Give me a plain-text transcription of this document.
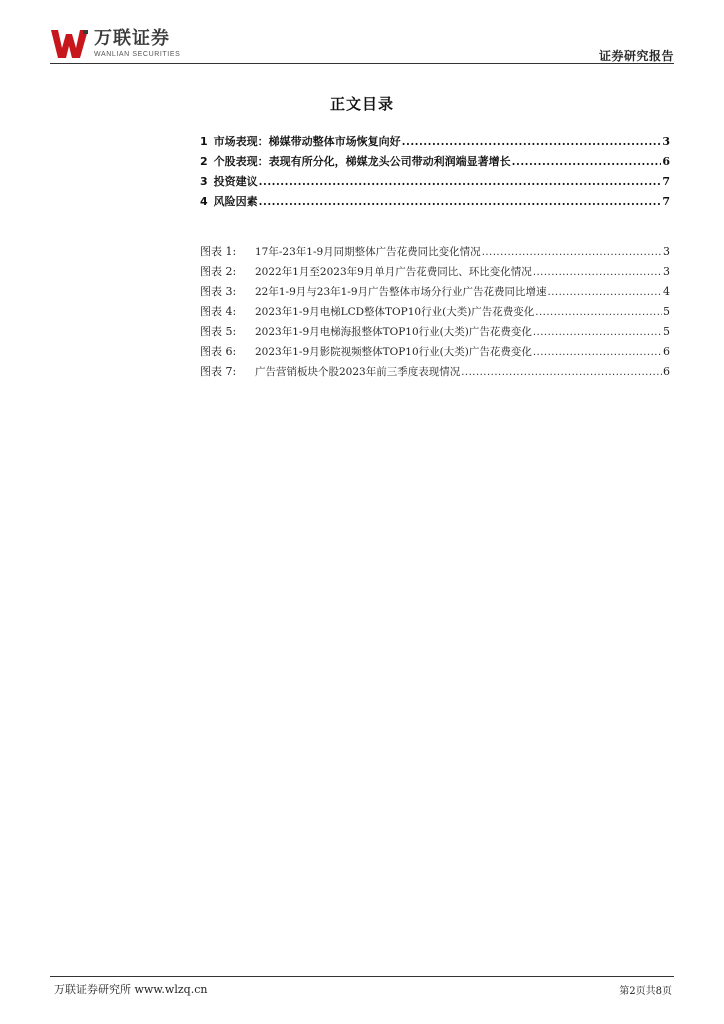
万联证券
WANLIAN SECURITIES	证券研究报告
正文目录
1 市场表现：梯媒带动整体市场恢复向好 .....	3
2 个股表现：表现有所分化，梯媒龙头公司带动利润端显著增长 .....	6
3 投资建议 .....	7
4 风险因素 .....	7
图表 1: 17年-23年1-9月同期整体广告花费同比变化情况 .....	3
图表 2: 2022年1月至2023年9月单月广告花费同比、环比变化情况 .....	3
图表 3: 22年1-9月与23年1-9月广告整体市场分行业广告花费同比增速 .....	4
图表 4: 2023年1-9月电梯LCD整体TOP10行业(大类)广告花费变化 .....	5
图表 5: 2023年1-9月电梯海报整体TOP10行业(大类)广告花费变化 .....	5
图表 6: 2023年1-9月影院视频整体TOP10行业(大类)广告花费变化 .....	6
图表 7: 广告营销板块个股2023年前三季度表现情况 .....	6
万联证券研究所 www.wlzq.cn	第2页共8页
